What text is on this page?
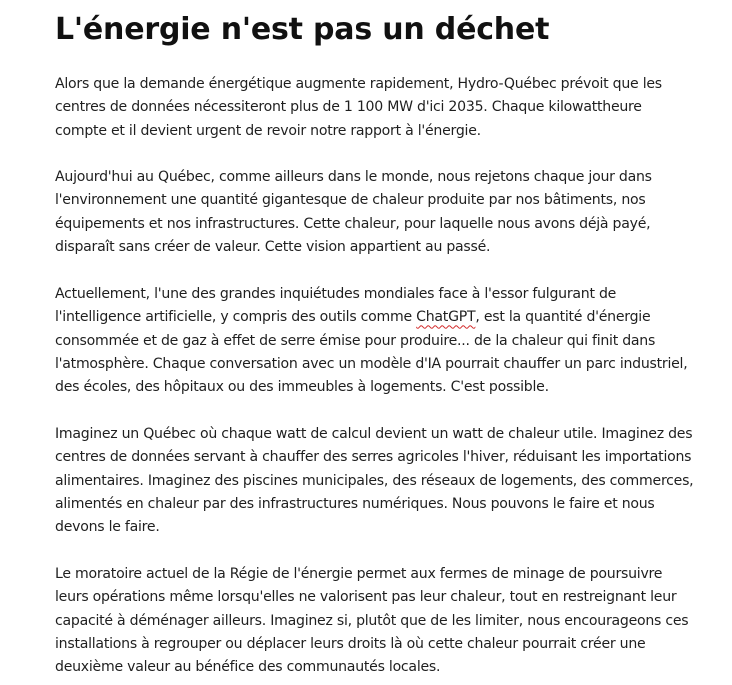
L'énergie n'est pas un déchet

Alors que la demande énergétique augmente rapidement, Hydro-Québec prévoit que les centres de données nécessiteront plus de 1 100 MW d'ici 2035. Chaque kilowattheure compte et il devient urgent de revoir notre rapport à l'énergie.

Aujourd'hui au Québec, comme ailleurs dans le monde, nous rejetons chaque jour dans l'environnement une quantité gigantesque de chaleur produite par nos bâtiments, nos équipements et nos infrastructures. Cette chaleur, pour laquelle nous avons déjà payé, disparaît sans créer de valeur. Cette vision appartient au passé.

Actuellement, l'une des grandes inquiétudes mondiales face à l'essor fulgurant de l'intelligence artificielle, y compris des outils comme ChatGPT, est la quantité d'énergie consommée et de gaz à effet de serre émise pour produire... de la chaleur qui finit dans l'atmosphère. Chaque conversation avec un modèle d'IA pourrait chauffer un parc industriel, des écoles, des hôpitaux ou des immeubles à logements. C'est possible.

Imaginez un Québec où chaque watt de calcul devient un watt de chaleur utile. Imaginez des centres de données servant à chauffer des serres agricoles l'hiver, réduisant les importations alimentaires. Imaginez des piscines municipales, des réseaux de logements, des commerces, alimentés en chaleur par des infrastructures numériques. Nous pouvons le faire et nous devons le faire.

Le moratoire actuel de la Régie de l'énergie permet aux fermes de minage de poursuivre leurs opérations même lorsqu'elles ne valorisent pas leur chaleur, tout en restreignant leur capacité à déménager ailleurs. Imaginez si, plutôt que de les limiter, nous encourageons ces installations à regrouper ou déplacer leurs droits là où cette chaleur pourrait créer une deuxième valeur au bénéfice des communautés locales.
